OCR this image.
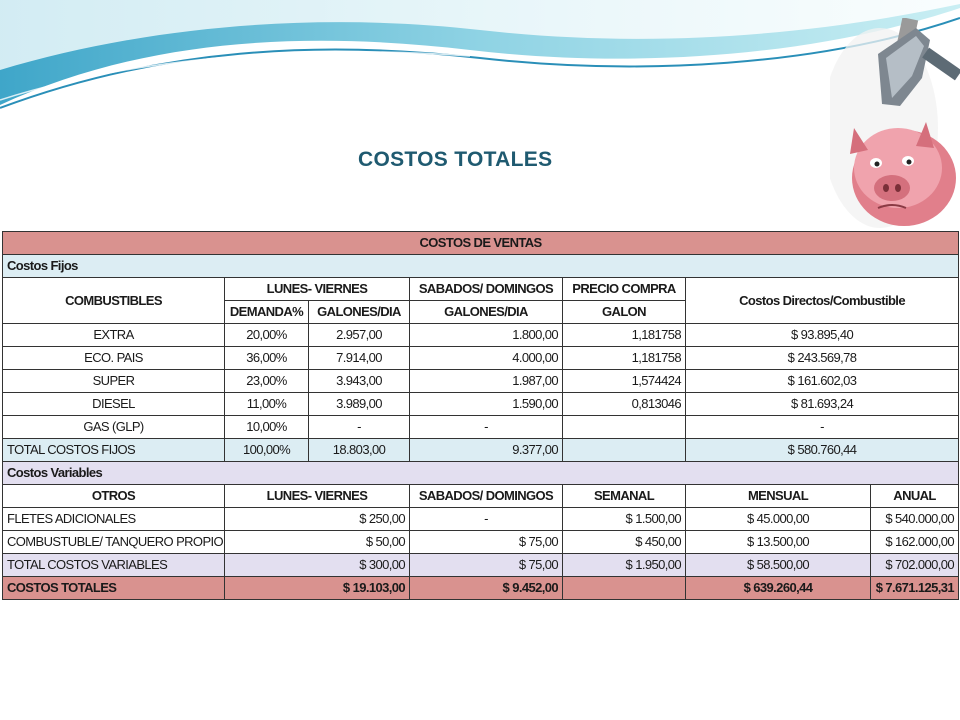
COSTOS TOTALES
COSTOS DE VENTAS						
Costos Fijos						
COMBUSTIBLES	LUNES- VIERNES		SABADOS/ DOMINGOS	PRECIO COMPRA	Costos Directos/Combustible	
	DEMANDA%	GALONES/DIA	GALONES/DIA	GALON		
EXTRA	20,00%	2.957,00	1.800,00	1,181758	$ 93.895,40	
ECO. PAIS	36,00%	7.914,00	4.000,00	1,181758	$ 243.569,78	
SUPER	23,00%	3.943,00	1.987,00	1,574424	$ 161.602,03	
DIESEL	11,00%	3.989,00	1.590,00	0,813046	$ 81.693,24	
GAS (GLP)	10,00%	-	-		-	
TOTAL COSTOS FIJOS	100,00%	18.803,00	9.377,00		$ 580.760,44	
Costos Variables						
OTROS	LUNES- VIERNES		SABADOS/ DOMINGOS	SEMANAL	MENSUAL	ANUAL
FLETES ADICIONALES	$ 250,00		-	$ 1.500,00	$ 45.000,00	$ 540.000,00
COMBUSTUBLE/ TANQUERO PROPIO	$ 50,00		$ 75,00	$ 450,00	$ 13.500,00	$ 162.000,00
TOTAL COSTOS VARIABLES	$ 300,00		$ 75,00	$ 1.950,00	$ 58.500,00	$ 702.000,00
COSTOS TOTALES	$ 19.103,00		$ 9.452,00		$ 639.260,44	$ 7.671.125,31
